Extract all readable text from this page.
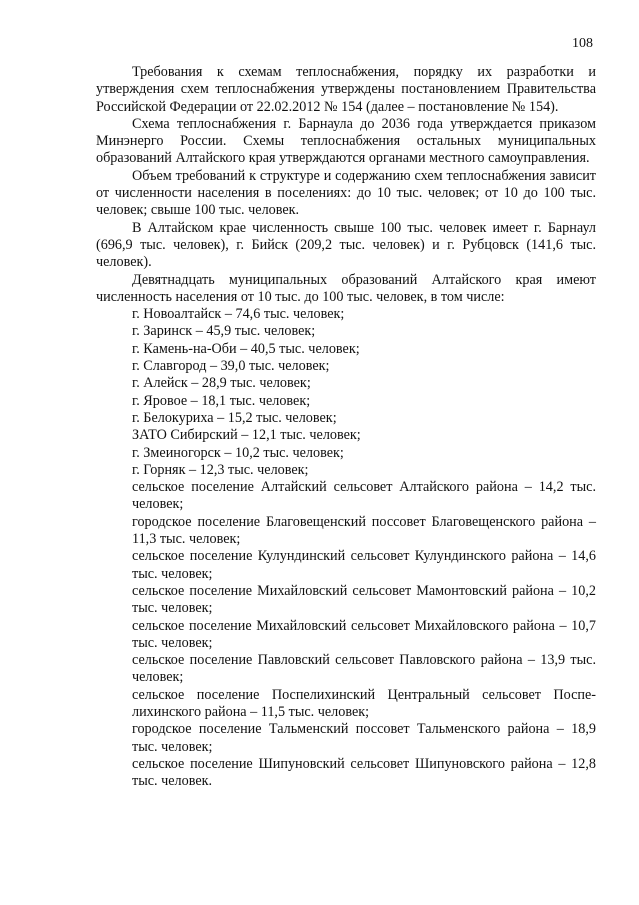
108

Требования к схемам теплоснабжения, порядку их разработки и утверждения схем теплоснабжения утверждены постановлением Правительства Российской Федерации от 22.02.2012 № 154 (далее – постановление № 154).

Схема теплоснабжения г. Барнаула до 2036 года утверждается приказом Минэнерго России. Схемы теплоснабжения остальных муниципальных образований Алтайского края утверждаются органами местного самоуправления.

Объем требований к структуре и содержанию схем теплоснабжения зависит от численности населения в поселениях: до 10 тыс. человек; от 10 до 100 тыс. человек; свыше 100 тыс. человек.

В Алтайском крае численность свыше 100 тыс. человек имеет г. Барнаул (696,9 тыс. человек), г. Бийск (209,2 тыс. человек) и г. Рубцовск (141,6 тыс. человек).

Девятнадцать муниципальных образований Алтайского края имеют численность населения от 10 тыс. до 100 тыс. человек, в том числе:

г. Новоалтайск – 74,6 тыс. человек;
г. Заринск – 45,9 тыс. человек;
г. Камень-на-Оби – 40,5 тыс. человек;
г. Славгород – 39,0 тыс. человек;
г. Алейск – 28,9 тыс. человек;
г. Яровое – 18,1 тыс. человек;
г. Белокуриха – 15,2 тыс. человек;
ЗАТО Сибирский – 12,1 тыс. человек;
г. Змеиногорск – 10,2 тыс. человек;
г. Горняк – 12,3 тыс. человек;
сельское поселение Алтайский сельсовет Алтайского района – 14,2 тыс. человек;
городское поселение Благовещенский поссовет Благовещенского района – 11,3 тыс. человек;
сельское поселение Кулундинский сельсовет Кулундинского района – 14,6 тыс. человек;
сельское поселение Михайловский сельсовет Мамонтовский района – 10,2 тыс. человек;
сельское поселение Михайловский сельсовет Михайловского района – 10,7 тыс. человек;
сельское поселение Павловский сельсовет Павловского района – 13,9 тыс. человек;
сельское поселение Поспелихинский Центральный сельсовет Поспе-лихинского района – 11,5 тыс. человек;
городское поселение Тальменский поссовет Тальменского района – 18,9 тыс. человек;
сельское поселение Шипуновский сельсовет Шипуновского района – 12,8 тыс. человек.
